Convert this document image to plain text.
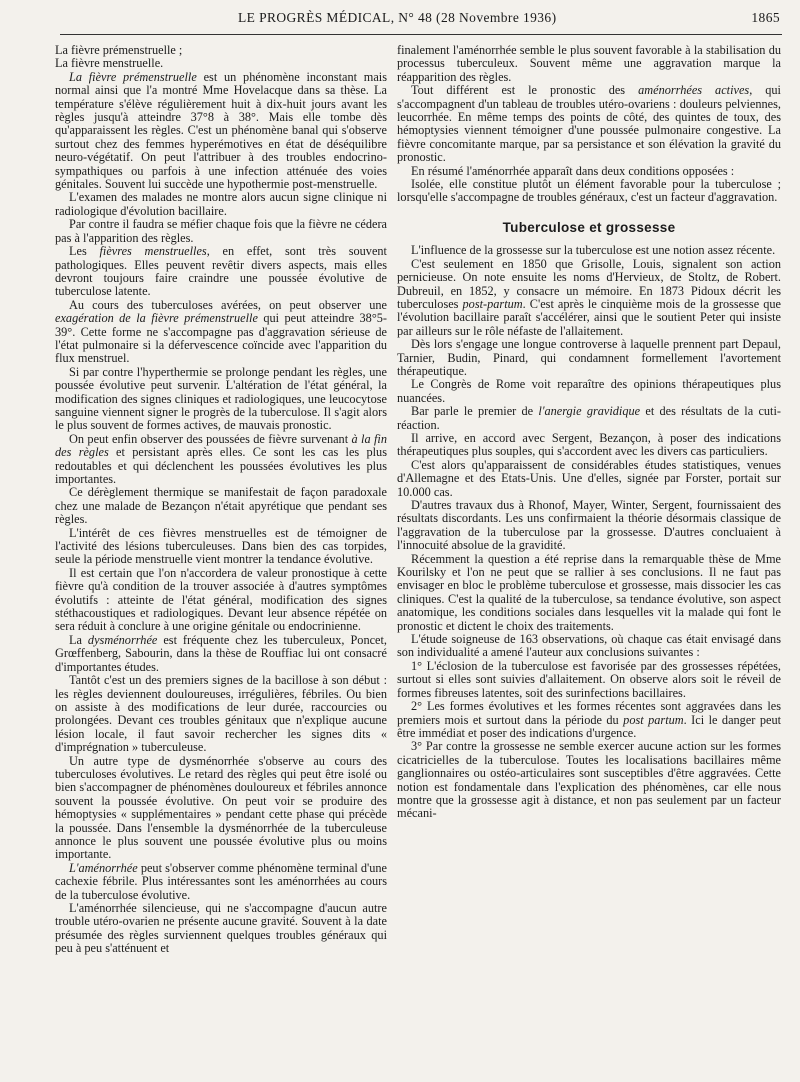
LE PROGRÈS MÉDICAL, N° 48 (28 Novembre 1936)	1865

La fièvre prémenstruelle ;

La fièvre menstruelle.

La fièvre prémenstruelle est un phénomène inconstant mais normal ainsi que l'a montré Mme Hovelacque dans sa thèse. La température s'élève régulièrement huit à dix-huit jours avant les règles jusqu'à atteindre 37°8 à 38°. Mais elle tombe dès qu'apparaissent les règles. C'est un phénomène banal qui s'observe surtout chez des femmes hyperémotives en état de déséquilibre neuro-végétatif. On peut l'attribuer à des troubles endocrino-sympathiques ou parfois à une infection atténuée des voies génitales. Souvent lui succède une hypothermie post-menstruelle.

L'examen des malades ne montre alors aucun signe clinique ni radiologique d'évolution bacillaire.

Par contre il faudra se méfier chaque fois que la fièvre ne cédera pas à l'apparition des règles.

Les fièvres menstruelles, en effet, sont très souvent pathologiques. Elles peuvent revêtir divers aspects, mais elles devront toujours faire craindre une poussée évolutive de tuberculose latente.

Au cours des tuberculoses avérées, on peut observer une exagération de la fièvre prémenstruelle qui peut atteindre 38°5-39°. Cette forme ne s'accompagne pas d'aggravation sérieuse de l'état pulmonaire si la défervescence coïncide avec l'apparition du flux menstruel.

Si par contre l'hyperthermie se prolonge pendant les règles, une poussée évolutive peut survenir. L'altération de l'état général, la modification des signes cliniques et radiologiques, une leucocytose sanguine viennent signer le progrès de la tuberculose. Il s'agit alors le plus souvent de formes actives, de mauvais pronostic.

On peut enfin observer des poussées de fièvre survenant à la fin des règles et persistant après elles. Ce sont les cas les plus redoutables et qui déclenchent les poussées évolutives les plus importantes.

Ce dérèglement thermique se manifestait de façon paradoxale chez une malade de Bezançon n'était apyrétique que pendant ses règles.

L'intérêt de ces fièvres menstruelles est de témoigner de l'activité des lésions tuberculeuses. Dans bien des cas torpides, seule la période menstruelle vient montrer la tendance évolutive.

Il est certain que l'on n'accordera de valeur pronostique à cette fièvre qu'à condition de la trouver associée à d'autres symptômes évolutifs : atteinte de l'état général, modification des signes stéthacoustiques et radiologiques. Devant leur absence répétée on sera réduit à conclure à une origine génitale ou endocrinienne.

La dysménorrhée est fréquente chez les tuberculeux, Poncet, Grœffenberg, Sabourin, dans la thèse de Rouffiac lui ont consacré d'importantes études.

Tantôt c'est un des premiers signes de la bacillose à son début : les règles deviennent douloureuses, irrégulières, fébriles. Ou bien on assiste à des modifications de leur durée, raccourcies ou prolongées. Devant ces troubles génitaux que n'explique aucune lésion locale, il faut savoir rechercher les signes dits « d'imprégnation » tuberculeuse.

Un autre type de dysménorrhée s'observe au cours des tuberculoses évolutives. Le retard des règles qui peut être isolé ou bien s'accompagner de phénomènes douloureux et fébriles annonce souvent la poussée évolutive. On peut voir se produire des hémoptysies « supplémentaires » pendant cette phase qui précède la poussée. Dans l'ensemble la dysménorrhée de la tuberculeuse annonce le plus souvent une poussée évolutive plus ou moins importante.

L'aménorrhée peut s'observer comme phénomène terminal d'une cachexie fébrile. Plus intéressantes sont les aménorrhées au cours de la tuberculose évolutive.

L'aménorrhée silencieuse, qui ne s'accompagne d'aucun autre trouble utéro-ovarien ne présente aucune gravité. Souvent à la date présumée des règles surviennent quelques troubles généraux qui peu à peu s'atténuent et

finalement l'aménorrhée semble le plus souvent favorable à la stabilisation du processus tuberculeux. Souvent même une aggravation marque la réapparition des règles.

Tout différent est le pronostic des aménorrhées actives, qui s'accompagnent d'un tableau de troubles utéro-ovariens : douleurs pelviennes, leucorrhée. En même temps des points de côté, des quintes de toux, des hémoptysies viennent témoigner d'une poussée pulmonaire congestive. La fièvre concomitante marque, par sa persistance et son élévation la gravité du pronostic.

En résumé l'aménorrhée apparaît dans deux conditions opposées :

Isolée, elle constitue plutôt un élément favorable pour la tuberculose ; lorsqu'elle s'accompagne de troubles généraux, c'est un facteur d'aggravation.

Tuberculose et grossesse

L'influence de la grossesse sur la tuberculose est une notion assez récente.

C'est seulement en 1850 que Grisolle, Louis, signalent son action pernicieuse. On note ensuite les noms d'Hervieux, de Stoltz, de Robert. Dubreuil, en 1852, y consacre un mémoire. En 1873 Pidoux décrit les tuberculoses post-partum. C'est après le cinquième mois de la grossesse que l'évolution bacillaire paraît s'accélérer, ainsi que le soutient Peter qui insiste par ailleurs sur le rôle néfaste de l'allaitement.

Dès lors s'engage une longue controverse à laquelle prennent part Depaul, Tarnier, Budin, Pinard, qui condamnent formellement l'avortement thérapeutique.

Le Congrès de Rome voit reparaître des opinions thérapeutiques plus nuancées.

Bar parle le premier de l'anergie gravidique et des résultats de la cuti-réaction.

Il arrive, en accord avec Sergent, Bezançon, à poser des indications thérapeutiques plus souples, qui s'accordent avec les divers cas particuliers.

C'est alors qu'apparaissent de considérables études statistiques, venues d'Allemagne et des Etats-Unis. Une d'elles, signée par Forster, portait sur 10.000 cas.

D'autres travaux dus à Rhonof, Mayer, Winter, Sergent, fournissaient des résultats discordants. Les uns confirmaient la théorie désormais classique de l'aggravation de la tuberculose par la grossesse. D'autres concluaient à l'innocuité absolue de la gravidité.

Récemment la question a été reprise dans la remarquable thèse de Mme Kourilsky et l'on ne peut que se rallier à ses conclusions. Il ne faut pas envisager en bloc le problème tuberculose et grossesse, mais dissocier les cas cliniques. C'est la qualité de la tuberculose, sa tendance évolutive, son aspect anatomique, les conditions sociales dans lesquelles vit la malade qui font le pronostic et dictent le choix des traitements.

L'étude soigneuse de 163 observations, où chaque cas était envisagé dans son individualité a amené l'auteur aux conclusions suivantes :

1° L'éclosion de la tuberculose est favorisée par des grossesses répétées, surtout si elles sont suivies d'allaitement. On observe alors soit le réveil de formes fibreuses latentes, soit des surinfections bacillaires.

2° Les formes évolutives et les formes récentes sont aggravées dans les premiers mois et surtout dans la période du post partum. Ici le danger peut être immédiat et poser des indications d'urgence.

3° Par contre la grossesse ne semble exercer aucune action sur les formes cicatricielles de la tuberculose. Toutes les localisations bacillaires même ganglionnaires ou ostéo-articulaires sont susceptibles d'être aggravées. Cette notion est fondamentale dans l'explication des phénomènes, car elle nous montre que la grossesse agit à distance, et non pas seulement par un facteur mécani-
